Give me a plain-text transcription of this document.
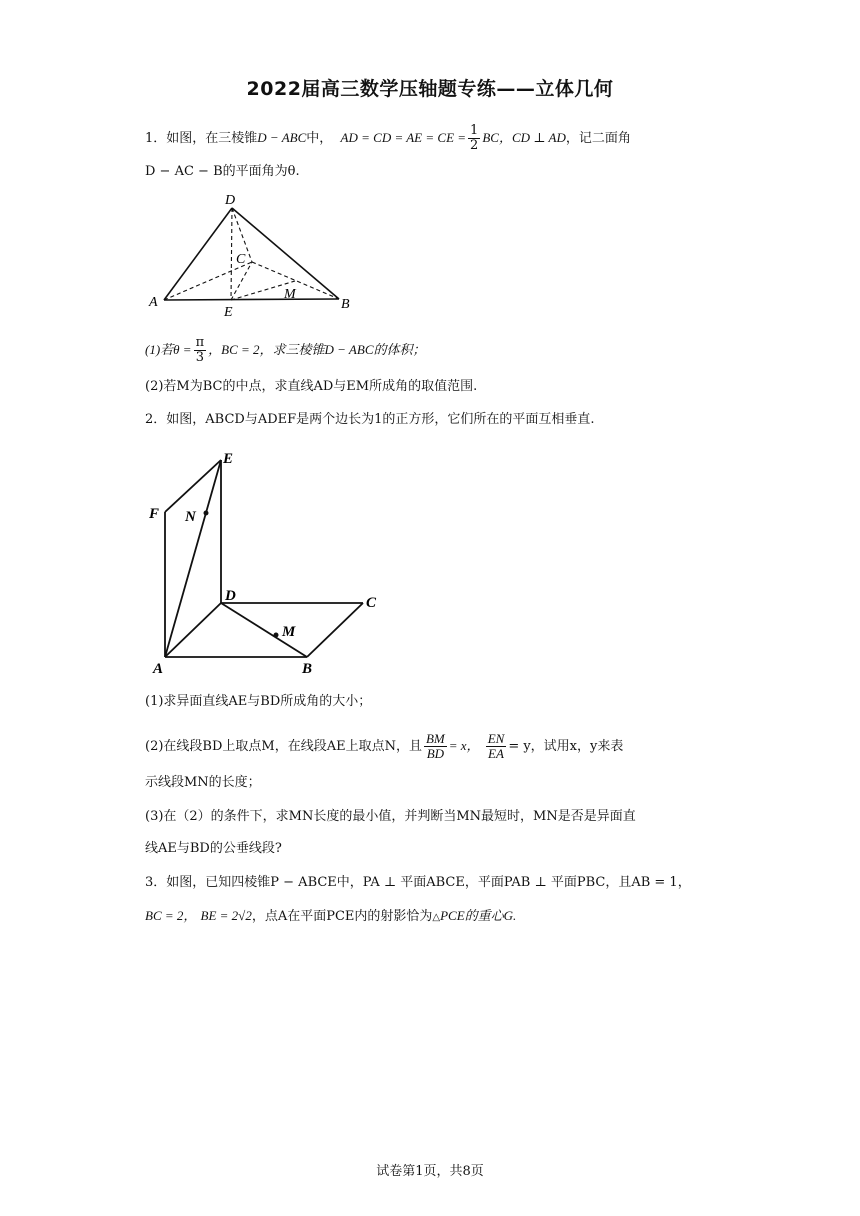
2022届高三数学压轴题专练——立体几何
1．如图，在三棱锥D − ABC中， AD = CD = AE = CE = $\frac{1}{2}$ BC，CD ⊥ AD，记二面角
D − AC − B的平面角为θ.
D
C
A
E
M
B
(1)若$\theta = \frac{\pi}{3}$ ，BC = 2，求三棱锥D − ABC的体积；
(2)若M为BC的中点，求直线AD与EM所成角的取值范围.
2．如图，ABCD与ADEF是两个边长为1的正方形，它们所在的平面互相垂直.
E
F N
D	C
M
A	B
(1)求异面直线AE与BD所成角的大小；
(2)在线段BD上取点M，在线段AE上取点N，且 $\frac{BM}{BD} = x$， $\frac{EN}{EA} = y$，试用x，y来表
示线段MN的长度；
(3)在（2）的条件下，求MN长度的最小值，并判断当MN最短时，MN是否是异面直
线AE与BD的公垂线段?
3．如图，已知四棱锥P − ABCE中，PA ⊥ 平面ABCE，平面PAB ⊥ 平面PBC，且AB = 1，
BC = 2， BE = 2√2，点A在平面PCE内的射影恰为△PCE的重心G.
试卷第1页，共8页
